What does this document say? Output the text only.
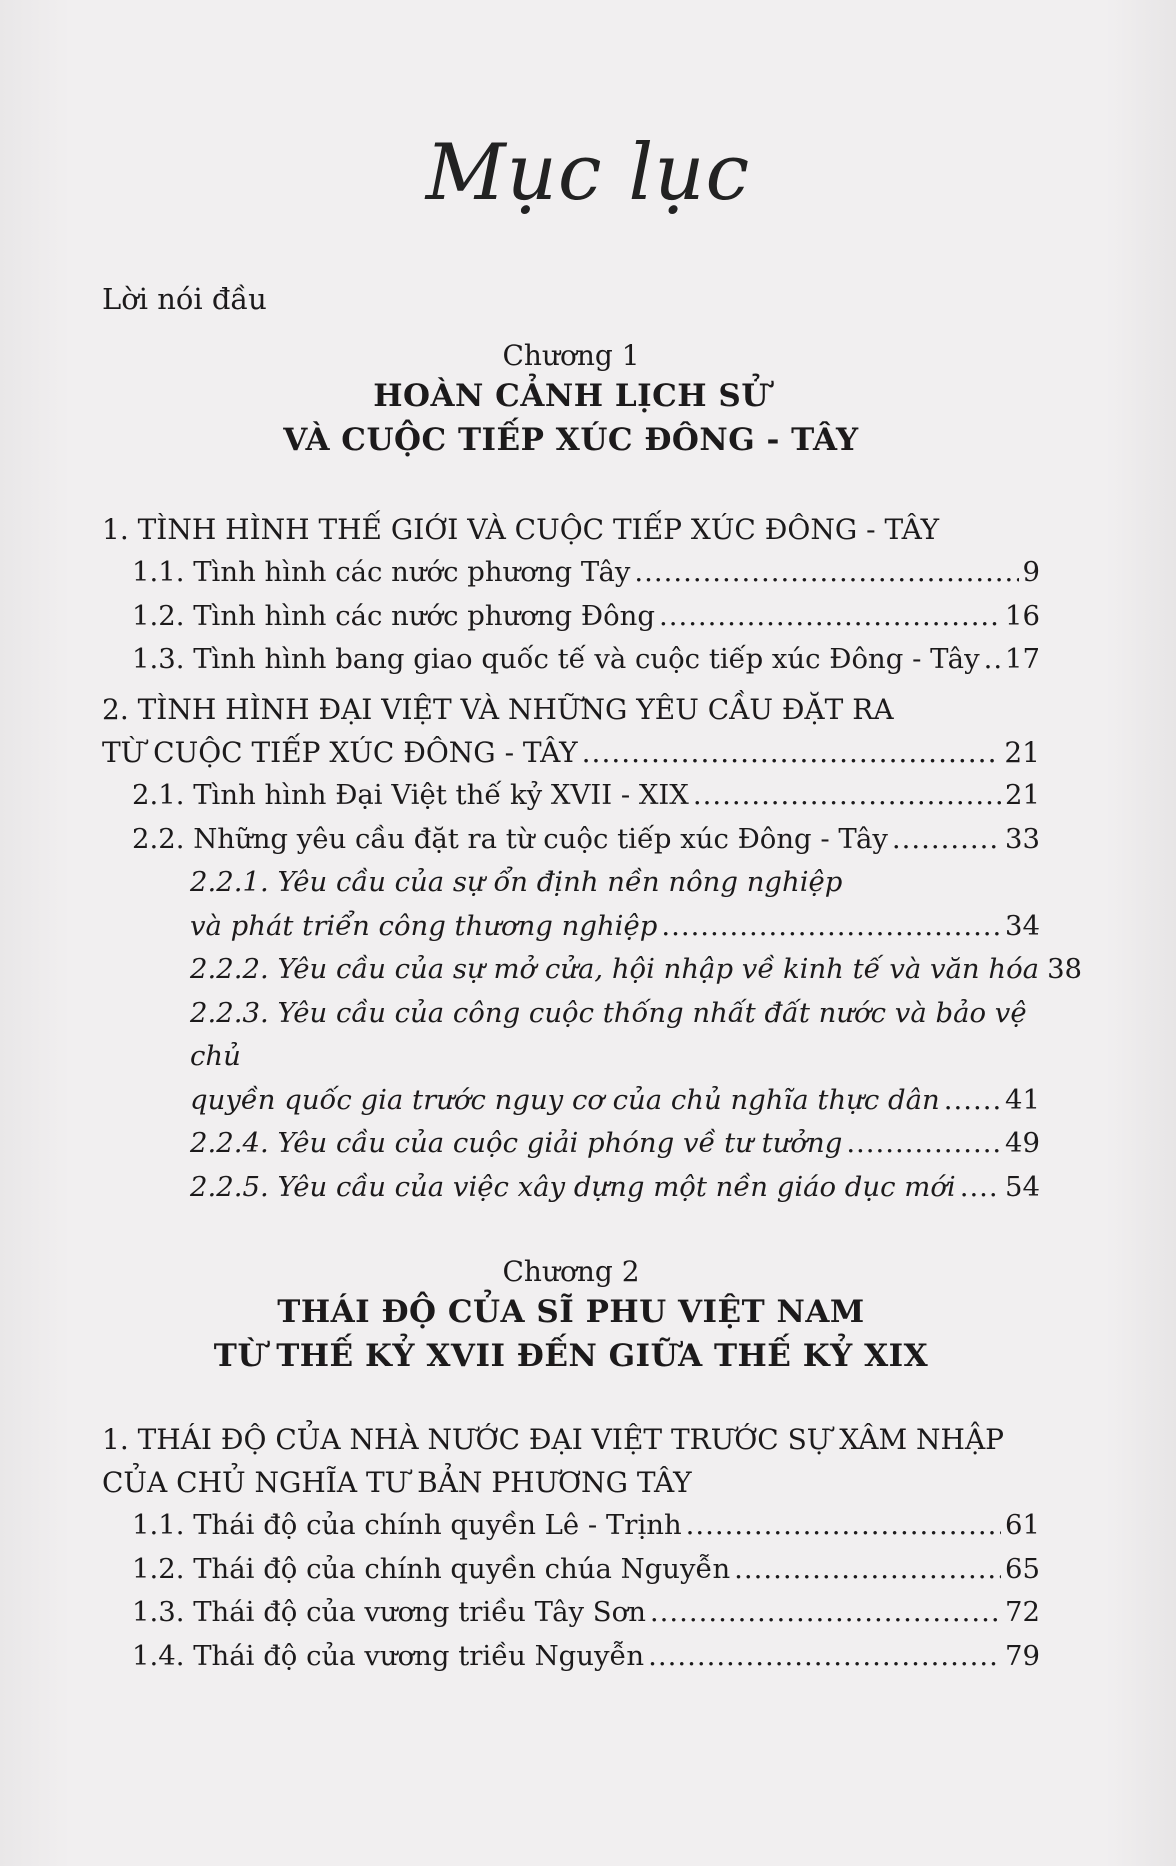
Mục lục
Lời nói đầu
Chương 1
HOÀN CẢNH LỊCH SỬ
VÀ CUỘC TIẾP XÚC ĐÔNG - TÂY
1. TÌNH HÌNH THẾ GIỚI VÀ CUỘC TIẾP XÚC ĐÔNG - TÂY
1.1. Tình hình các nước phương Tây .....	9
1.2. Tình hình các nước phương Đông .....	16
1.3. Tình hình bang giao quốc tế và cuộc tiếp xúc Đông - Tây ..... 17
2. TÌNH HÌNH ĐẠI VIỆT VÀ NHỮNG YÊU CẦU ĐẶT RA
TỪ CUỘC TIẾP XÚC ĐÔNG - TÂY .....	21
2.1. Tình hình Đại Việt thế kỷ XVII - XIX .....	21
2.2. Những yêu cầu đặt ra từ cuộc tiếp xúc Đông - Tây .....	33
2.2.1. Yêu cầu của sự ổn định nền nông nghiệp
và phát triển công thương nghiệp .....	34
2.2.2. Yêu cầu của sự mở cửa, hội nhập về kinh tế và văn hóa 38
2.2.3. Yêu cầu của công cuộc thống nhất đất nước và bảo vệ chủ
quyền quốc gia trước nguy cơ của chủ nghĩa thực dân ..... 41
2.2.4. Yêu cầu của cuộc giải phóng về tư tưởng .....	49
2.2.5. Yêu cầu của việc xây dựng một nền giáo dục mới ..... 54
Chương 2
THÁI ĐỘ CỦA SĨ PHU VIỆT NAM
TỪ THẾ KỶ XVII ĐẾN GIỮA THẾ KỶ XIX
1. THÁI ĐỘ CỦA NHÀ NƯỚC ĐẠI VIỆT TRƯỚC SỰ XÂM NHẬP
CỦA CHỦ NGHĨA TƯ BẢN PHƯƠNG TÂY
1.1. Thái độ của chính quyền Lê - Trịnh .....	61
1.2. Thái độ của chính quyền chúa Nguyễn .....	65
1.3. Thái độ của vương triều Tây Sơn .....	72
1.4. Thái độ của vương triều Nguyễn .....	79
